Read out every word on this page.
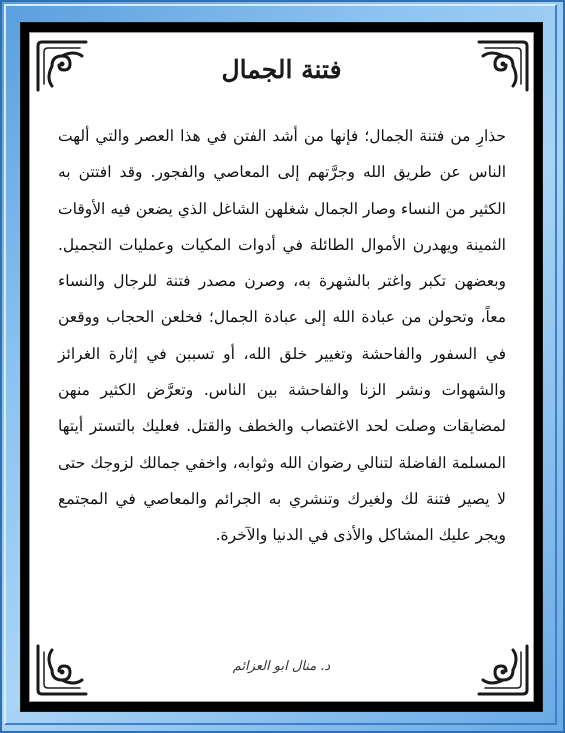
فتنة الجمال

حذارِ من فتنة الجمال؛ فإنها من أشد الفتن في هذا العصر والتي ألهت الناس عن طريق الله وجرَّتهم إلى المعاصي والفجور. وقد افتتن به الكثير من النساء وصار الجمال شغلهن الشاغل الذي يضعن فيه الأوقات الثمينة ويهدرن الأموال الطائلة في أدوات المكيات وعمليات التجميل. وبعضهن تكبر واغتر بالشهرة به، وصرن مصدر فتنة للرجال والنساء معاً، وتحولن من عبادة الله إلى عبادة الجمال؛ فخلعن الحجاب ووقعن في السفور والفاحشة وتغيير خلق الله، أو تسببن في إثارة الغرائز والشهوات ونشر الزنا والفاحشة بين الناس. وتعرَّض الكثير منهن لمضايقات وصلت لحد الاغتصاب والخطف والقتل. فعليك بالتستر أيتها المسلمة الفاضلة لتنالي رضوان الله وثوابه، واخفي جمالك لزوجك حتى لا يصير فتنة لك ولغيرك وتنشري به الجرائم والمعاصي في المجتمع ويجر عليك المشاكل والأذى في الدنيا والآخرة.

د. منال ابو العزائم
